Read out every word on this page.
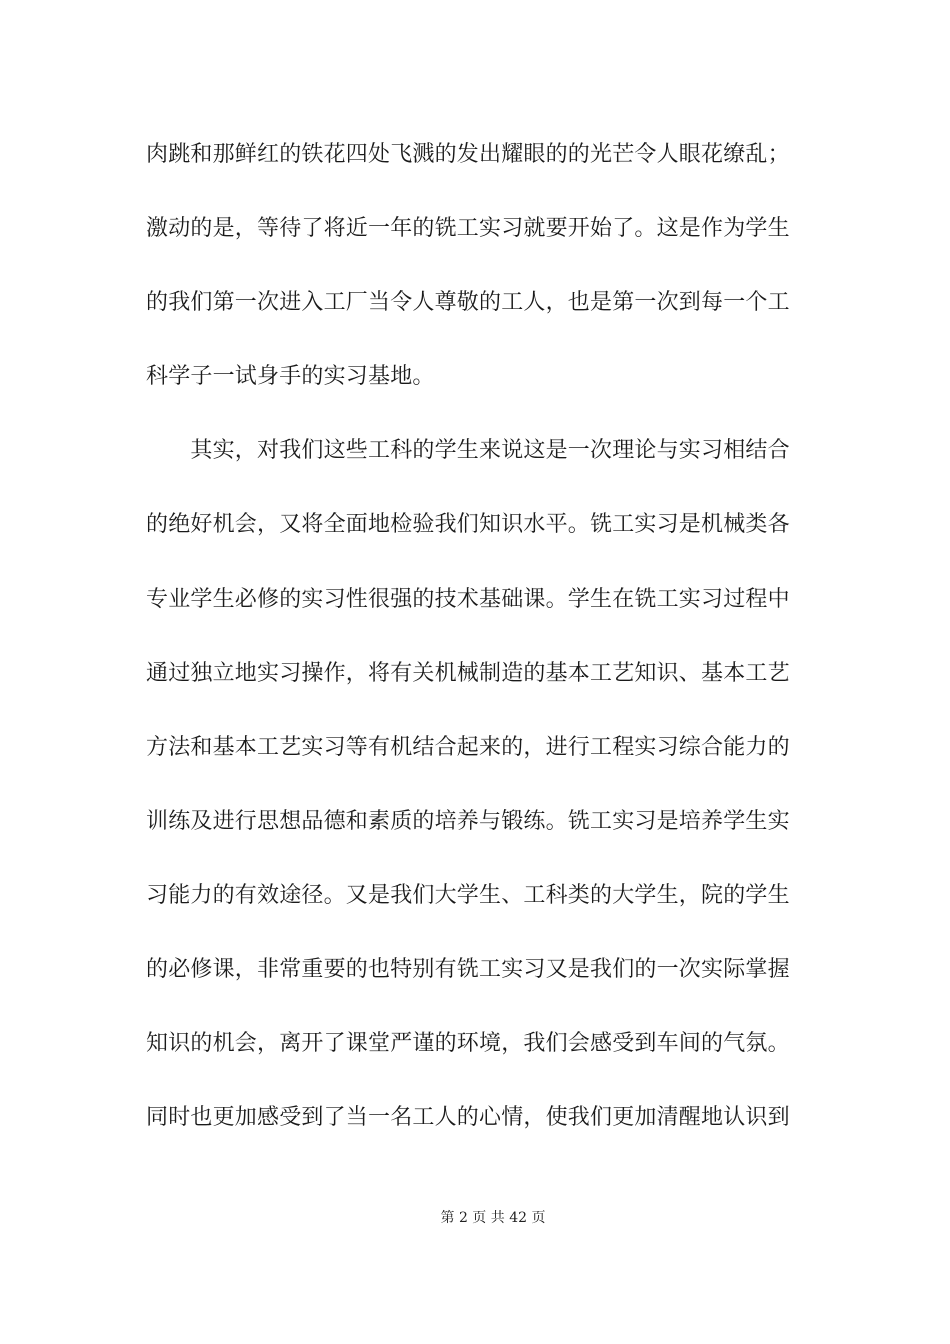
肉跳和那鲜红的铁花四处飞溅的发出耀眼的的光芒令人眼花缭乱；
激动的是，等待了将近一年的铣工实习就要开始了。这是作为学生
的我们第一次进入工厂当令人尊敬的工人，也是第一次到每一个工
科学子一试身手的实习基地。
　　其实，对我们这些工科的学生来说这是一次理论与实习相结合
的绝好机会，又将全面地检验我们知识水平。铣工实习是机械类各
专业学生必修的实习性很强的技术基础课。学生在铣工实习过程中
通过独立地实习操作，将有关机械制造的基本工艺知识、基本工艺
方法和基本工艺实习等有机结合起来的，进行工程实习综合能力的
训练及进行思想品德和素质的培养与锻练。铣工实习是培养学生实
习能力的有效途径。又是我们大学生、工科类的大学生，院的学生
的必修课，非常重要的也特别有铣工实习又是我们的一次实际掌握
知识的机会，离开了课堂严谨的环境，我们会感受到车间的气氛。
同时也更加感受到了当一名工人的心情，使我们更加清醒地认识到
第 2 页 共 42 页
